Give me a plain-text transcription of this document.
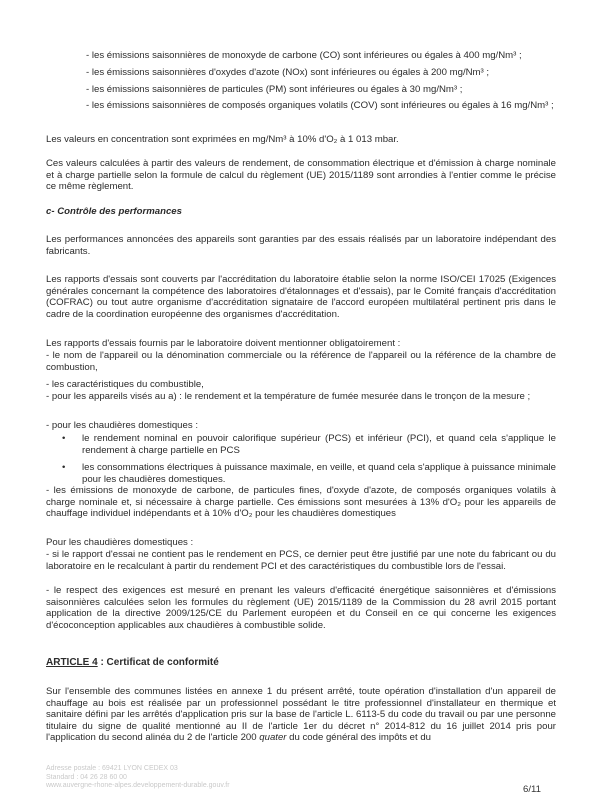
- les émissions saisonnières de monoxyde de carbone (CO) sont inférieures ou égales à 400 mg/Nm³ ;
- les émissions saisonnières d'oxydes d'azote (NOx) sont inférieures ou égales à 200 mg/Nm³ ;
- les émissions saisonnières de particules (PM) sont inférieures ou égales à 30 mg/Nm³ ;
- les émissions saisonnières de composés organiques volatils (COV) sont inférieures ou égales à 16 mg/Nm³ ;
Les valeurs en concentration sont exprimées en mg/Nm³ à 10% d'O₂ à 1 013 mbar.
Ces valeurs calculées à partir des valeurs de rendement, de consommation électrique et d'émission à charge nominale et à charge partielle selon la formule de calcul du règlement (UE) 2015/1189 sont arrondies à l'entier comme le précise ce même règlement.
c- Contrôle des performances
Les performances annoncées des appareils sont garanties par des essais réalisés par un laboratoire indépendant des fabricants.
Les rapports d'essais sont couverts par l'accréditation du laboratoire établie selon la norme ISO/CEI 17025 (Exigences générales concernant la compétence des laboratoires d'étalonnages et d'essais), par le Comité français d'accréditation (COFRAC) ou tout autre organisme d'accréditation signataire de l'accord européen multilatéral pertinent pris dans le cadre de la coordination européenne des organismes d'accréditation.
Les rapports d'essais fournis par le laboratoire doivent mentionner obligatoirement :
- le nom de l'appareil ou la dénomination commerciale ou la référence de l'appareil ou la référence de la chambre de combustion,
- les caractéristiques du combustible,
- pour les appareils visés au a) : le rendement et la température de fumée mesurée dans le tronçon de la mesure ;
- pour les chaudières domestiques :
•	le rendement nominal en pouvoir calorifique supérieur (PCS) et inférieur (PCI), et quand cela s'applique le rendement à charge partielle en PCS
•	les consommations électriques à puissance maximale, en veille, et quand cela s'applique à puissance minimale pour les chaudières domestiques.
- les émissions de monoxyde de carbone, de particules fines, d'oxyde d'azote, de composés organiques volatils à charge nominale et, si nécessaire à charge partielle. Ces émissions sont mesurées à 13% d'O₂ pour les appareils de chauffage individuel indépendants et à 10% d'O₂ pour les chaudières domestiques
Pour les chaudières domestiques :
- si le rapport d'essai ne contient pas le rendement en PCS, ce dernier peut être justifié par une note du fabricant ou du laboratoire en le recalculant à partir du rendement PCI et des caractéristiques du combustible lors de l'essai.
- le respect des exigences est mesuré en prenant les valeurs d'efficacité énergétique saisonnières et d'émissions saisonnières calculées selon les formules du règlement (UE) 2015/1189 de la Commission du 28 avril 2015 portant application de la directive 2009/125/CE du Parlement européen et du Conseil en ce qui concerne les exigences d'écoconception applicables aux chaudières à combustible solide.
ARTICLE 4 : Certificat de conformité
Sur l'ensemble des communes listées en annexe 1 du présent arrêté, toute opération d'installation d'un appareil de chauffage au bois est réalisée par un professionnel possédant le titre professionnel d'installateur en thermique et sanitaire défini par les arrêtés d'application pris sur la base de l'article L. 6113-5 du code du travail ou par une personne titulaire du signe de qualité mentionné au II de l'article 1er du décret n° 2014-812 du 16 juillet 2014 pris pour l'application du second alinéa du 2 de l'article 200 quater du code général des impôts et du
Adresse postale : 69421 LYON CEDEX 03
Standard : 04 26 28 60 00
www.auvergne-rhone-alpes.developpement-durable.gouv.fr	6/11
